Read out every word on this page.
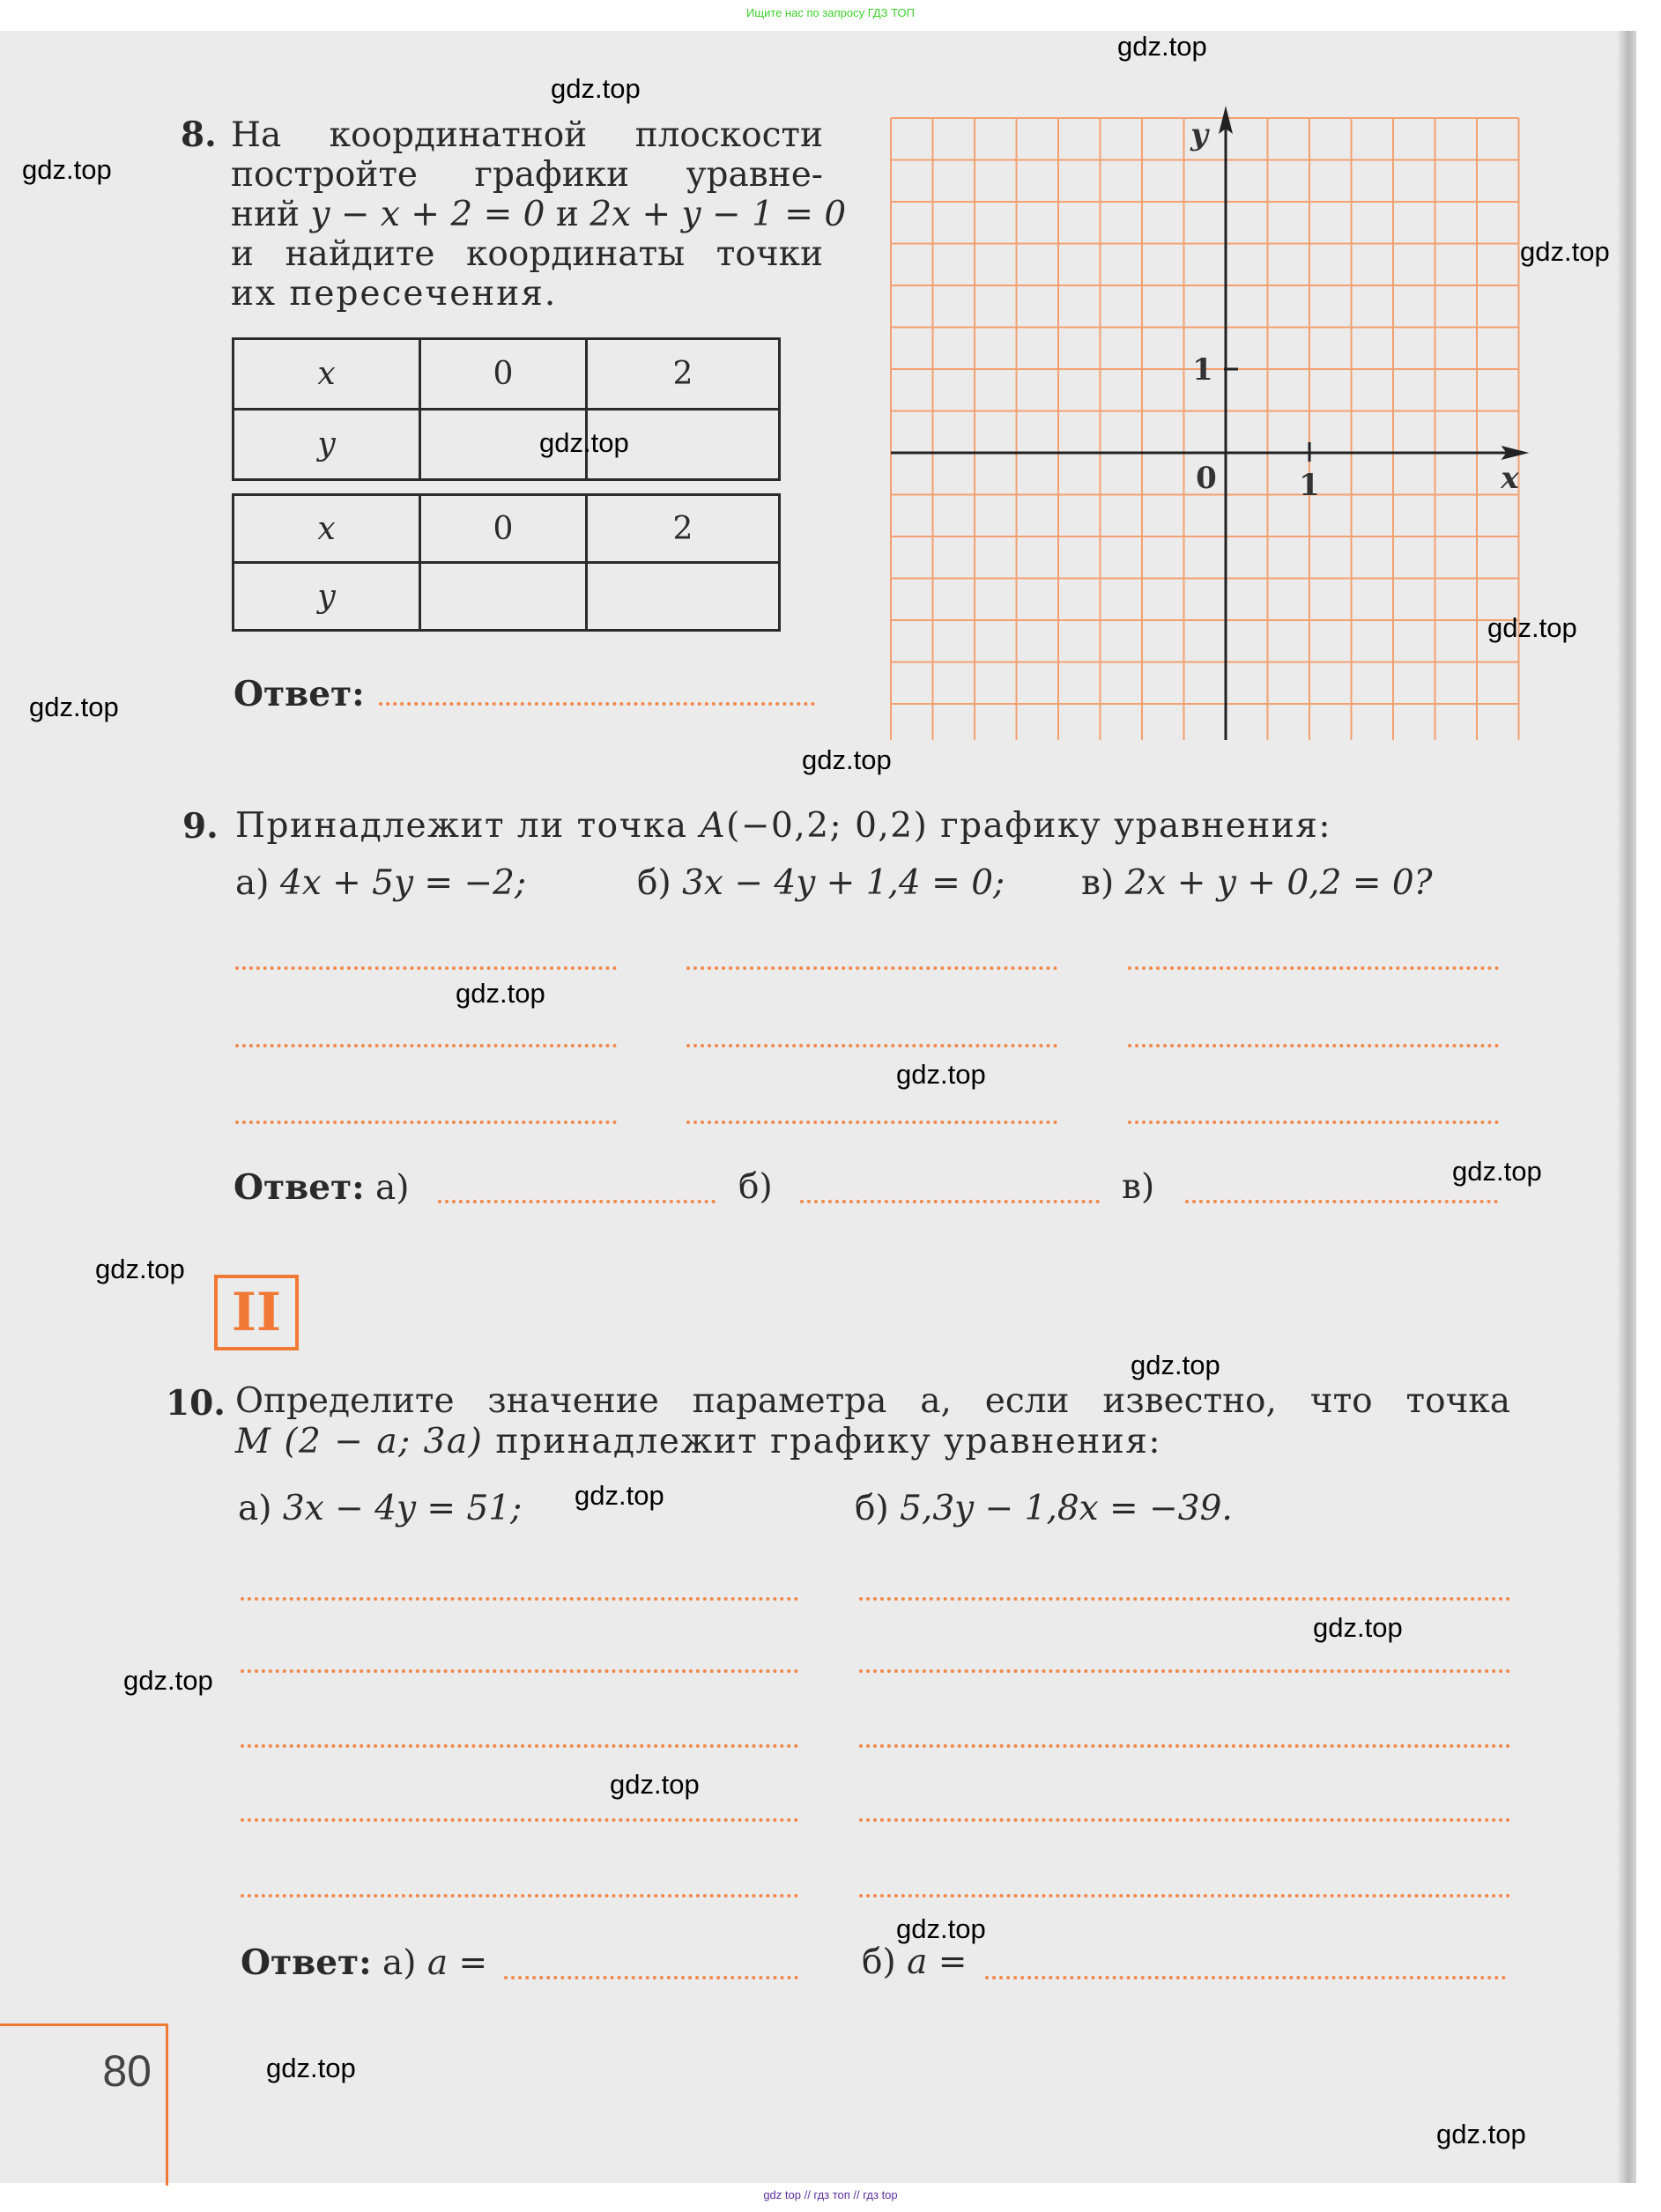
Ищите нас по запросу ГДЗ ТОП
8. На координатной плоскости
постройте графики уравне-
ний y − x + 2 = 0 и 2x + y − 1 = 0
и найдите координаты точки
их пересечения.
x	0	2
y		
x	0	2
y		
Ответ:
y
x
0	1
1
9. Принадлежит ли точка A(−0,2; 0,2) графику уравнения:
а) 4x + 5y = −2;	б) 3x − 4y + 1,4 = 0; в) 2x + y + 0,2 = 0?
Ответ: а)	б)	в)
II
10. Определите значение параметра a, если известно, что точка
M (2 − a; 3a) принадлежит графику уравнения:
а) 3x − 4y = 51;	б) 5,3y − 1,8x = −39.
Ответ: а) a =	б) a =
80
gdz.top
gdz.top
gdz.top
gdz.top
gdz.top
gdz.top
gdz.top
gdz.top
gdz.top
gdz.top
gdz.top
gdz.top
gdz.top
gdz.top
gdz.top
gdz.top
gdz.top
gdz.top
gdz.top
gdz.top
gdz top // гдз топ // гдз top
